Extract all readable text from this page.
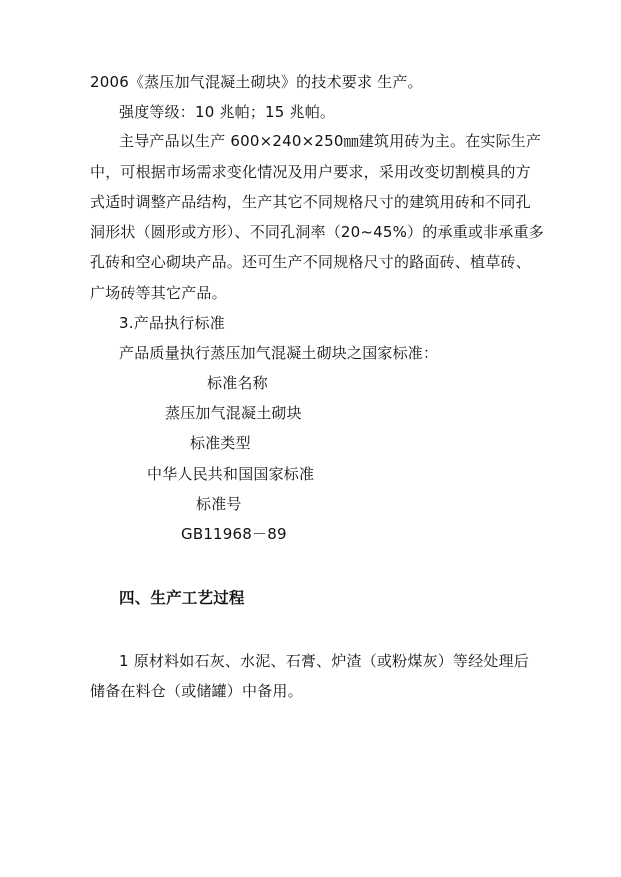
2006《蒸压加气混凝土砌块》的技术要求 生产。
强度等级：10 兆帕；15 兆帕。
主导产品以生产 600×240×250㎜建筑用砖为主。在实际生产
中，可根据市场需求变化情况及用户要求，采用改变切割模具的方
式适时调整产品结构，生产其它不同规格尺寸的建筑用砖和不同孔
洞形状（圆形或方形）、不同孔洞率（20~45%）的承重或非承重多
孔砖和空心砌块产品。还可生产不同规格尺寸的路面砖、植草砖、
广场砖等其它产品。
3.产品执行标准
产品质量执行蒸压加气混凝土砌块之国家标准：
标准名称
蒸压加气混凝土砌块
标准类型
中华人民共和国国家标准
标准号
GB11968－89
四、生产工艺过程
1 原材料如石灰、水泥、石膏、炉渣（或粉煤灰）等经处理后
储备在料仓（或储罐）中备用。
